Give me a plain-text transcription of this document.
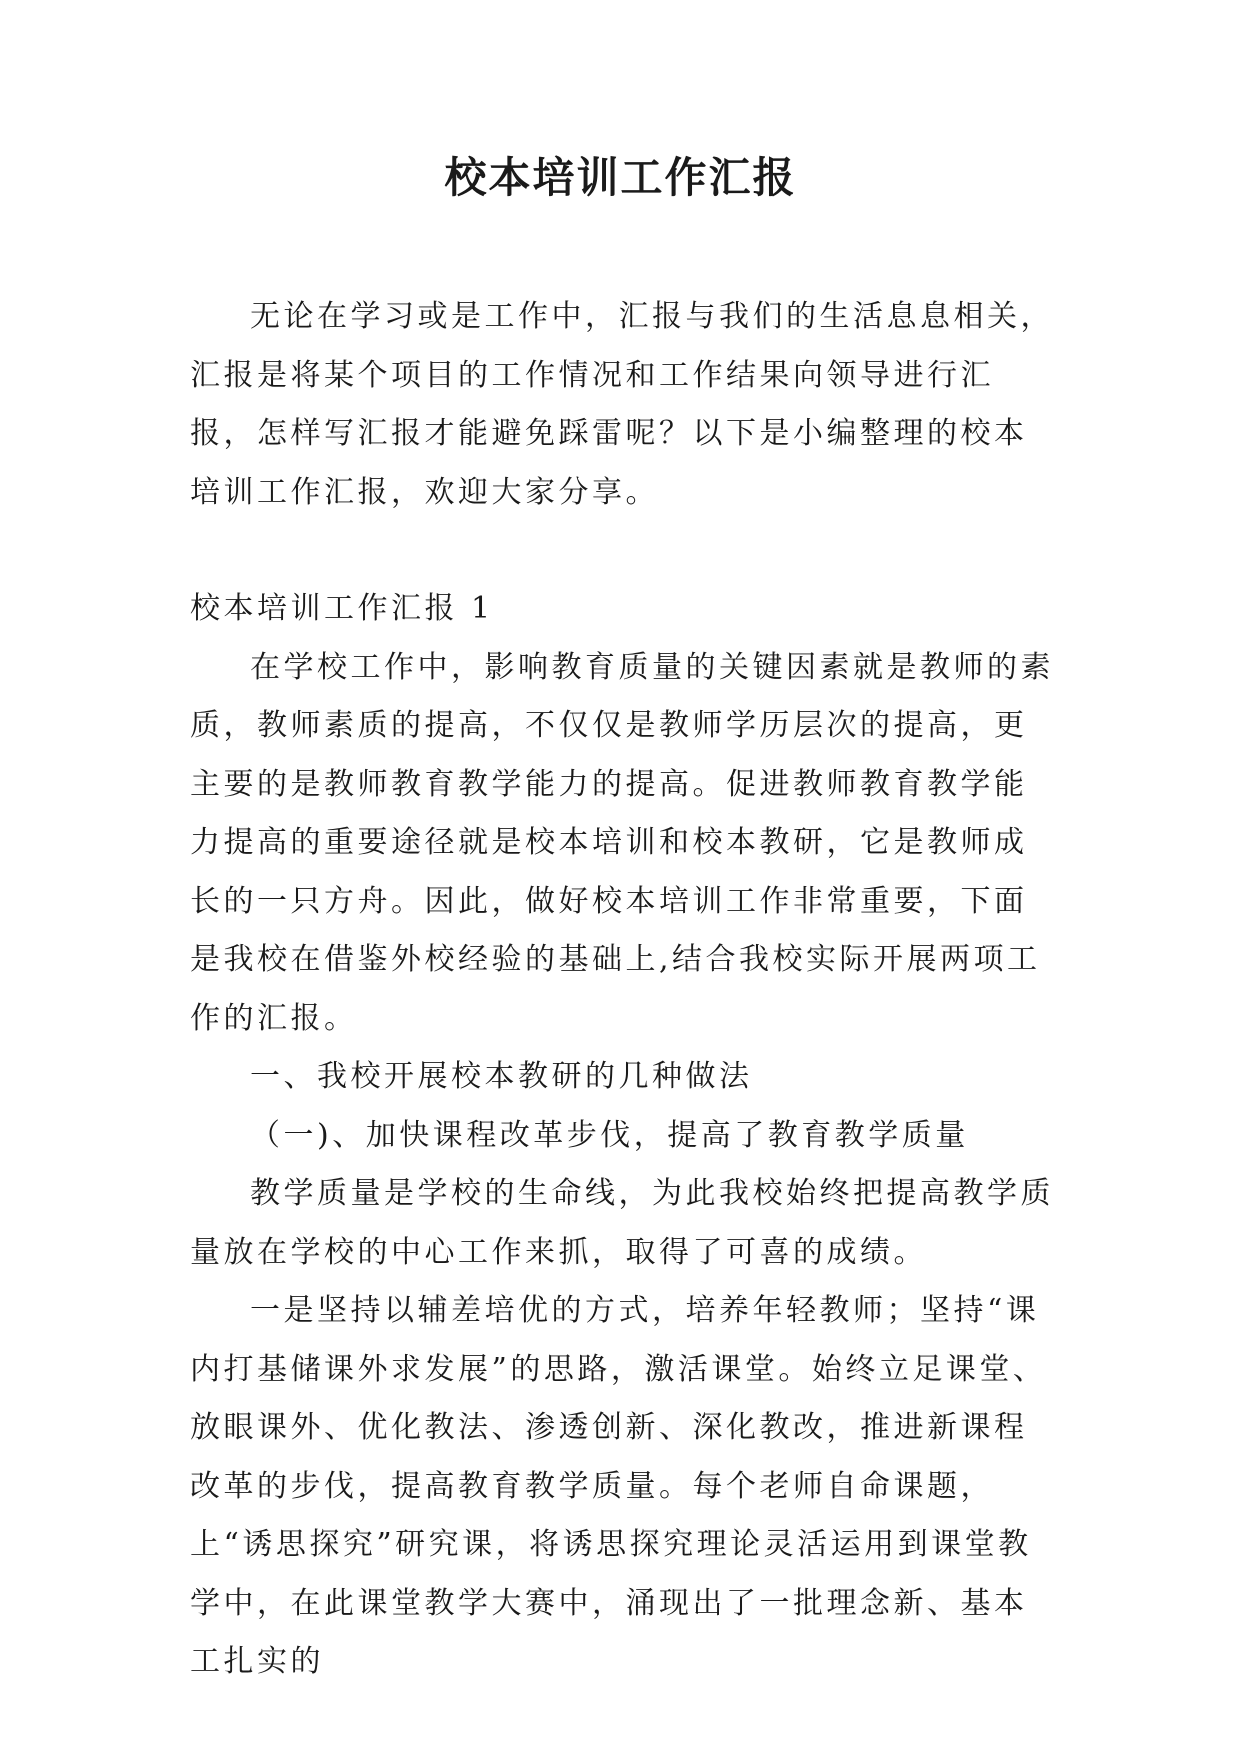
校本培训工作汇报

无论在学习或是工作中，汇报与我们的生活息息相关，汇报是将某个项目的工作情况和工作结果向领导进行汇报，怎样写汇报才能避免踩雷呢？以下是小编整理的校本培训工作汇报，欢迎大家分享。

校本培训工作汇报 1

在学校工作中，影响教育质量的关键因素就是教师的素质，教师素质的提高，不仅仅是教师学历层次的提高，更主要的是教师教育教学能力的提高。促进教师教育教学能力提高的重要途径就是校本培训和校本教研，它是教师成长的一只方舟。因此，做好校本培训工作非常重要，下面是我校在借鉴外校经验的基础上,结合我校实际开展两项工作的汇报。

一、我校开展校本教研的几种做法

（一)、加快课程改革步伐，提高了教育教学质量

教学质量是学校的生命线，为此我校始终把提高教学质量放在学校的中心工作来抓，取得了可喜的成绩。

一是坚持以辅差培优的方式，培养年轻教师；坚持“课内打基储课外求发展”的思路，激活课堂。始终立足课堂、放眼课外、优化教法、渗透创新、深化教改，推进新课程改革的步伐，提高教育教学质量。每个老师自命课题，上“诱思探究”研究课，将诱思探究理论灵活运用到课堂教学中，在此课堂教学大赛中，涌现出了一批理念新、基本工扎实的
